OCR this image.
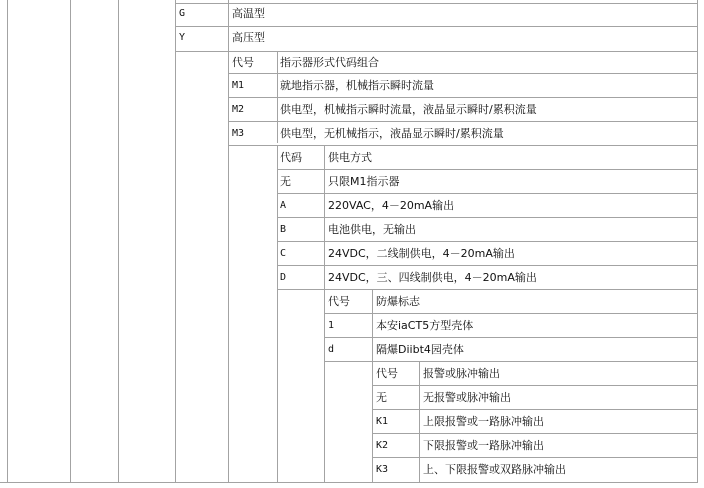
G	高温型
Y	高压型
代号 指示器形式代码组合
M1	就地指示器，机械指示瞬时流量
M2	供电型，机械指示瞬时流量，液晶显示瞬时/累积流量
M3	供电型，无机械指示，液晶显示瞬时/累积流量
代码 供电方式
无	只限M1指示器
A	220VAC，4－20mA输出
B	电池供电，无输出
C	24VDC，二线制供电，4－20mA输出
D	24VDC，三、四线制供电，4－20mA输出
代号 防爆标志
1	本安iaCT5方型壳体
d	隔爆Diibt4园壳体
代号 报警或脉冲输出
无	无报警或脉冲输出
K1	上限报警或一路脉冲输出
K2	下限报警或一路脉冲输出
K3	上、下限报警或双路脉冲输出
